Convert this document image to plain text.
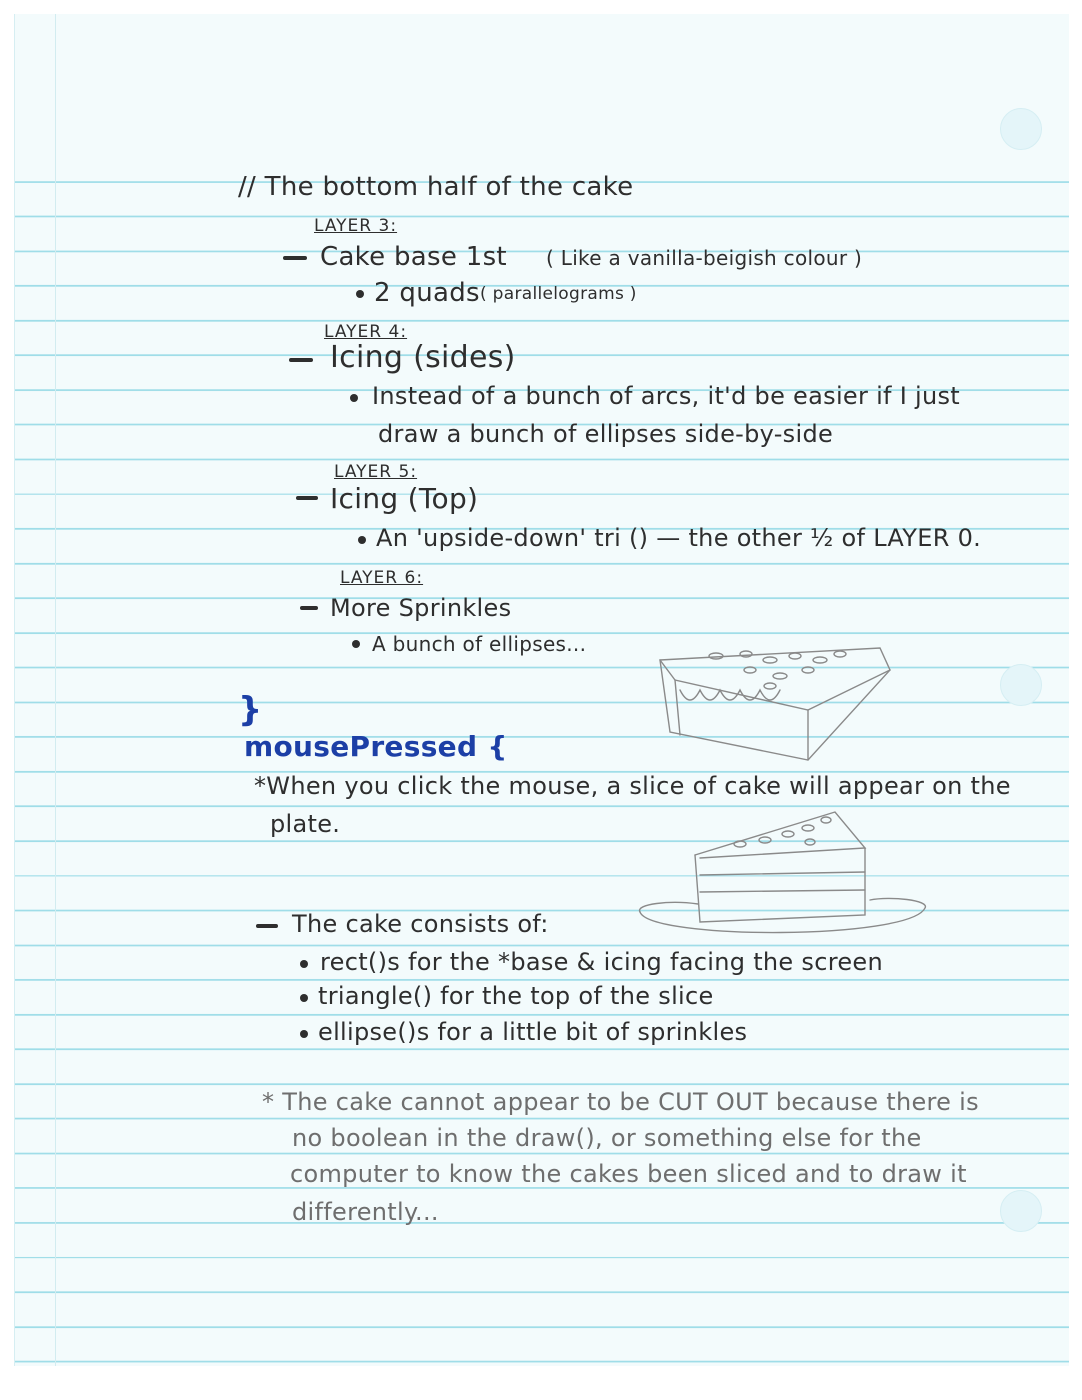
// The bottom half of the cake
LAYER 3:
Cake base 1st ( Like a vanilla-beigish colour )
2 quads ( parallelograms )
LAYER 4:
Icing (sides)
Instead of a bunch of arcs, it'd be easier if I just
draw a bunch of ellipses side-by-side
LAYER 5:
Icing (Top)
An 'upside-down' tri () — the other ½ of LAYER 0.
LAYER 6:
More Sprinkles
A bunch of ellipses...
}
mousePressed {
*When you click the mouse, a slice of cake will appear on the
plate.
The cake consists of:
rect()s for the *base & icing facing the screen
triangle() for the top of the slice
ellipse()s for a little bit of sprinkles
* The cake cannot appear to be CUT OUT because there is
no boolean in the draw(), or something else for the
computer to know the cakes been sliced and to draw it
differently...
